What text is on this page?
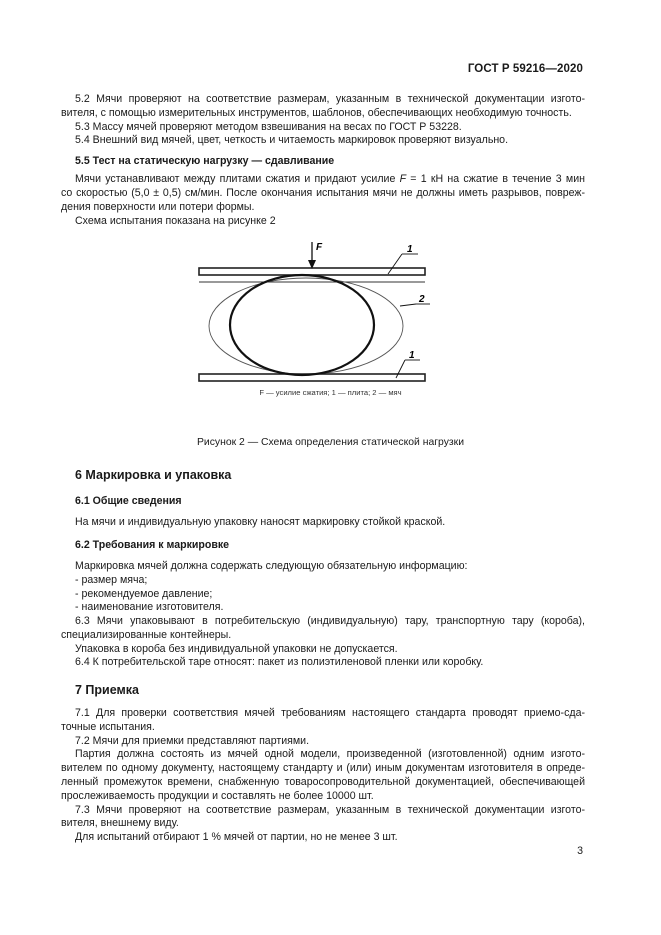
ГОСТ Р 59216—2020
5.2 Мячи проверяют на соответствие размерам, указанным в технической документации изгото-
вителя, с помощью измерительных инструментов, шаблонов, обеспечивающих необходимую точность.
5.3 Массу мячей проверяют методом взвешивания на весах по ГОСТ Р 53228.
5.4 Внешний вид мячей, цвет, четкость и читаемость маркировок проверяют визуально.
5.5 Тест на статическую нагрузку — сдавливание
Мячи устанавливают между плитами сжатия и придают усилие F = 1 кН на сжатие в течение 3 мин
со скоростью (5,0 ± 0,5) см/мин. После окончания испытания мячи не должны иметь разрывов, повреж-
дения поверхности или потери формы.
Схема испытания показана на рисунке 2
F	1
2
1
F — усилие сжатия; 1 — плита; 2 — мяч
Рисунок 2 — Схема определения статической нагрузки
6 Маркировка и упаковка
6.1 Общие сведения
На мячи и индивидуальную упаковку наносят маркировку стойкой краской.
6.2 Требования к маркировке
Маркировка мячей должна содержать следующую обязательную информацию:
- размер мяча;
- рекомендуемое давление;
- наименование изготовителя.
6.3 Мячи упаковывают в потребительскую (индивидуальную) тару, транспортную тару (короба),
специализированные контейнеры.
Упаковка в короба без индивидуальной упаковки не допускается.
6.4 К потребительской таре относят: пакет из полиэтиленовой пленки или коробку.
7 Приемка
7.1 Для проверки соответствия мячей требованиям настоящего стандарта проводят приемо-сда-
точные испытания.
7.2 Мячи для приемки представляют партиями.
Партия должна состоять из мячей одной модели, произведенной (изготовленной) одним изгото-
вителем по одному документу, настоящему стандарту и (или) иным документам изготовителя в опреде-
ленный промежуток времени, снабженную товаросопроводительной документацией, обеспечивающей
прослеживаемость продукции и составлять не более 10000 шт.
7.3 Мячи проверяют на соответствие размерам, указанным в технической документации изгото-
вителя, внешнему виду.
Для испытаний отбирают 1 % мячей от партии, но не менее 3 шт.
3
